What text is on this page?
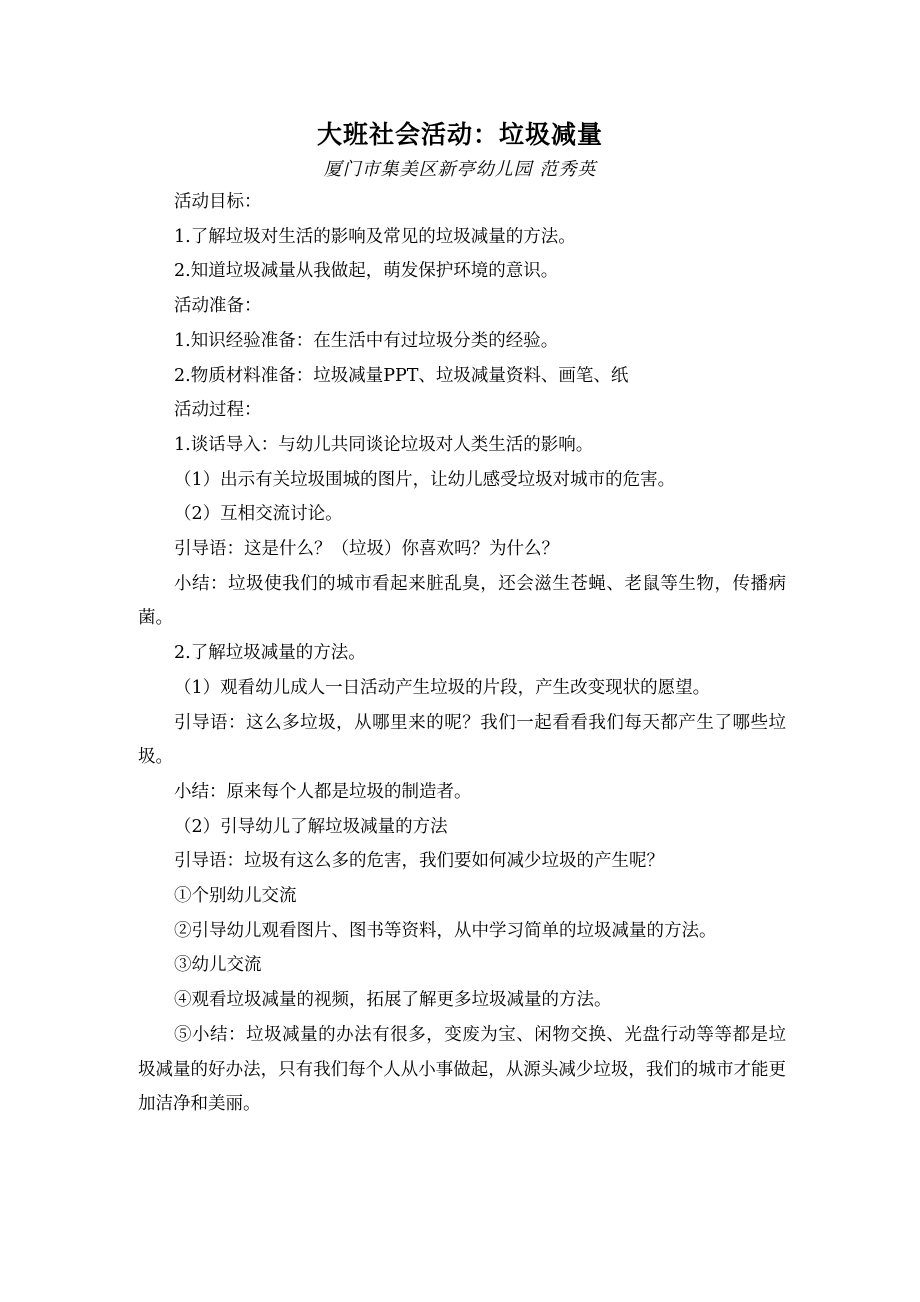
大班社会活动：垃圾减量
厦门市集美区新亭幼儿园 范秀英

活动目标：

1.了解垃圾对生活的影响及常见的垃圾减量的方法。

2.知道垃圾减量从我做起，萌发保护环境的意识。

活动准备：

1.知识经验准备：在生活中有过垃圾分类的经验。

2.物质材料准备：垃圾减量PPT、垃圾减量资料、画笔、纸

活动过程：

1.谈话导入：与幼儿共同谈论垃圾对人类生活的影响。

（1）出示有关垃圾围城的图片，让幼儿感受垃圾对城市的危害。

（2）互相交流讨论。

引导语：这是什么？（垃圾）你喜欢吗？为什么？

小结：垃圾使我们的城市看起来脏乱臭，还会滋生苍蝇、老鼠等生物，传播病菌。

2.了解垃圾减量的方法。

（1）观看幼儿成人一日活动产生垃圾的片段，产生改变现状的愿望。

引导语：这么多垃圾，从哪里来的呢？我们一起看看我们每天都产生了哪些垃圾。

小结：原来每个人都是垃圾的制造者。

（2）引导幼儿了解垃圾减量的方法

引导语：垃圾有这么多的危害，我们要如何减少垃圾的产生呢？

①个别幼儿交流

②引导幼儿观看图片、图书等资料，从中学习简单的垃圾减量的方法。

③幼儿交流

④观看垃圾减量的视频，拓展了解更多垃圾减量的方法。

⑤小结：垃圾减量的办法有很多，变废为宝、闲物交换、光盘行动等等都是垃圾减量的好办法，只有我们每个人从小事做起，从源头减少垃圾，我们的城市才能更加洁净和美丽。
